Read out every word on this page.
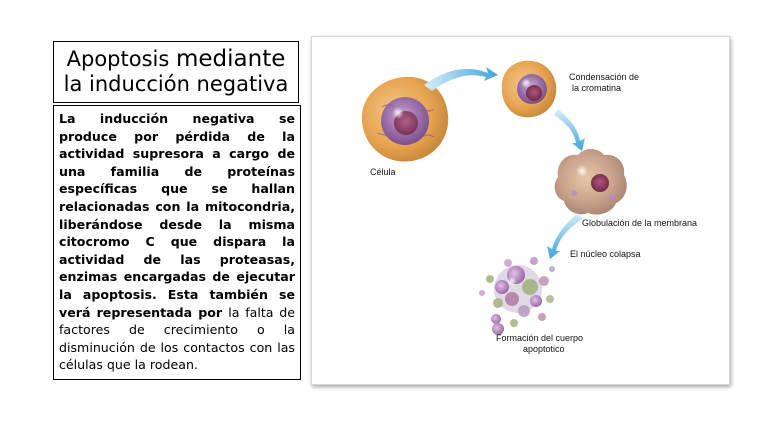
Apoptosis mediante
la inducción negativa

La inducción negativa se produce por pérdida de la actividad supresora a cargo de una familia de proteínas específicas que se hallan relacionadas con la mitocondria, liberándose desde la misma citocromo C que dispara la actividad de las proteasas, enzimas encargadas de ejecutar la apoptosis. Esta también se verá representada por la falta de factores de crecimiento o la disminución de los contactos con las células que la rodean.

Célula
Condensación de
la cromatina
Globulación de la membrana
El núcleo colapsa
Formación del cuerpo
apoptotico
